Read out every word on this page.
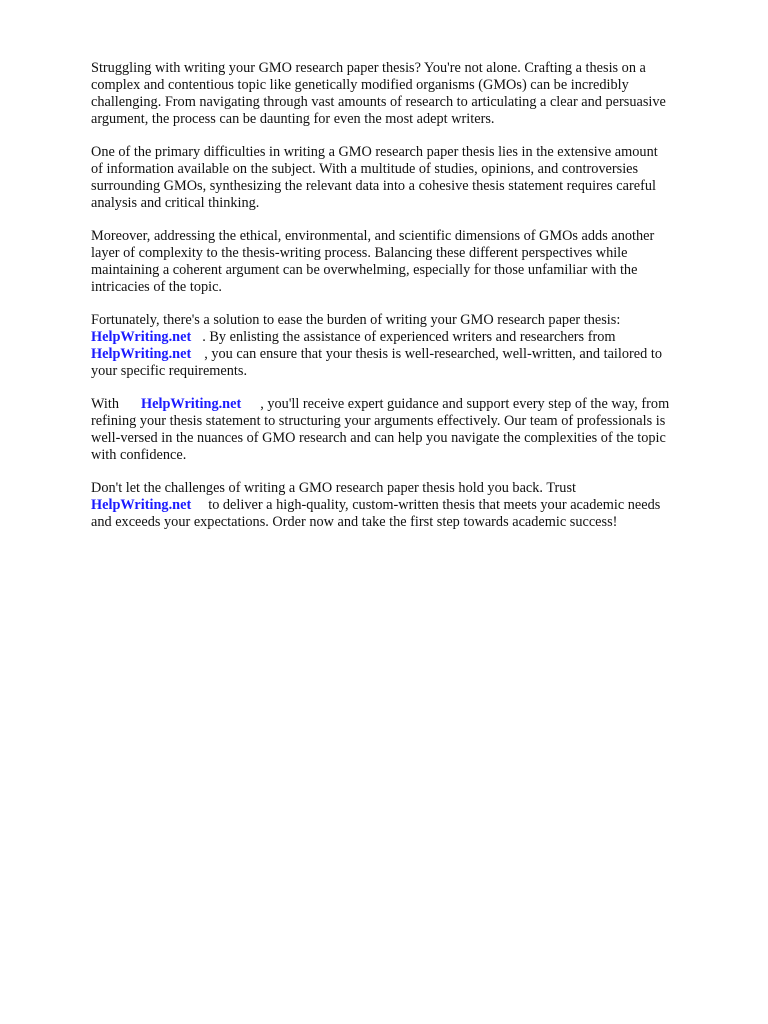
Struggling with writing your GMO research paper thesis? You're not alone. Crafting a thesis on a
complex and contentious topic like genetically modified organisms (GMOs) can be incredibly
challenging. From navigating through vast amounts of research to articulating a clear and persuasive
argument, the process can be daunting for even the most adept writers.

One of the primary difficulties in writing a GMO research paper thesis lies in the extensive amount
of information available on the subject. With a multitude of studies, opinions, and controversies
surrounding GMOs, synthesizing the relevant data into a cohesive thesis statement requires careful
analysis and critical thinking.

Moreover, addressing the ethical, environmental, and scientific dimensions of GMOs adds another
layer of complexity to the thesis-writing process. Balancing these different perspectives while
maintaining a coherent argument can be overwhelming, especially for those unfamiliar with the
intricacies of the topic.

Fortunately, there's a solution to ease the burden of writing your GMO research paper thesis:
HelpWriting.net . By enlisting the assistance of experienced writers and researchers from
HelpWriting.net , you can ensure that your thesis is well-researched, well-written, and tailored to
your specific requirements.

With HelpWriting.net , you'll receive expert guidance and support every step of the way, from
refining your thesis statement to structuring your arguments effectively. Our team of professionals is
well-versed in the nuances of GMO research and can help you navigate the complexities of the topic
with confidence.

Don't let the challenges of writing a GMO research paper thesis hold you back. Trust
HelpWriting.net to deliver a high-quality, custom-written thesis that meets your academic needs
and exceeds your expectations. Order now and take the first step towards academic success!
